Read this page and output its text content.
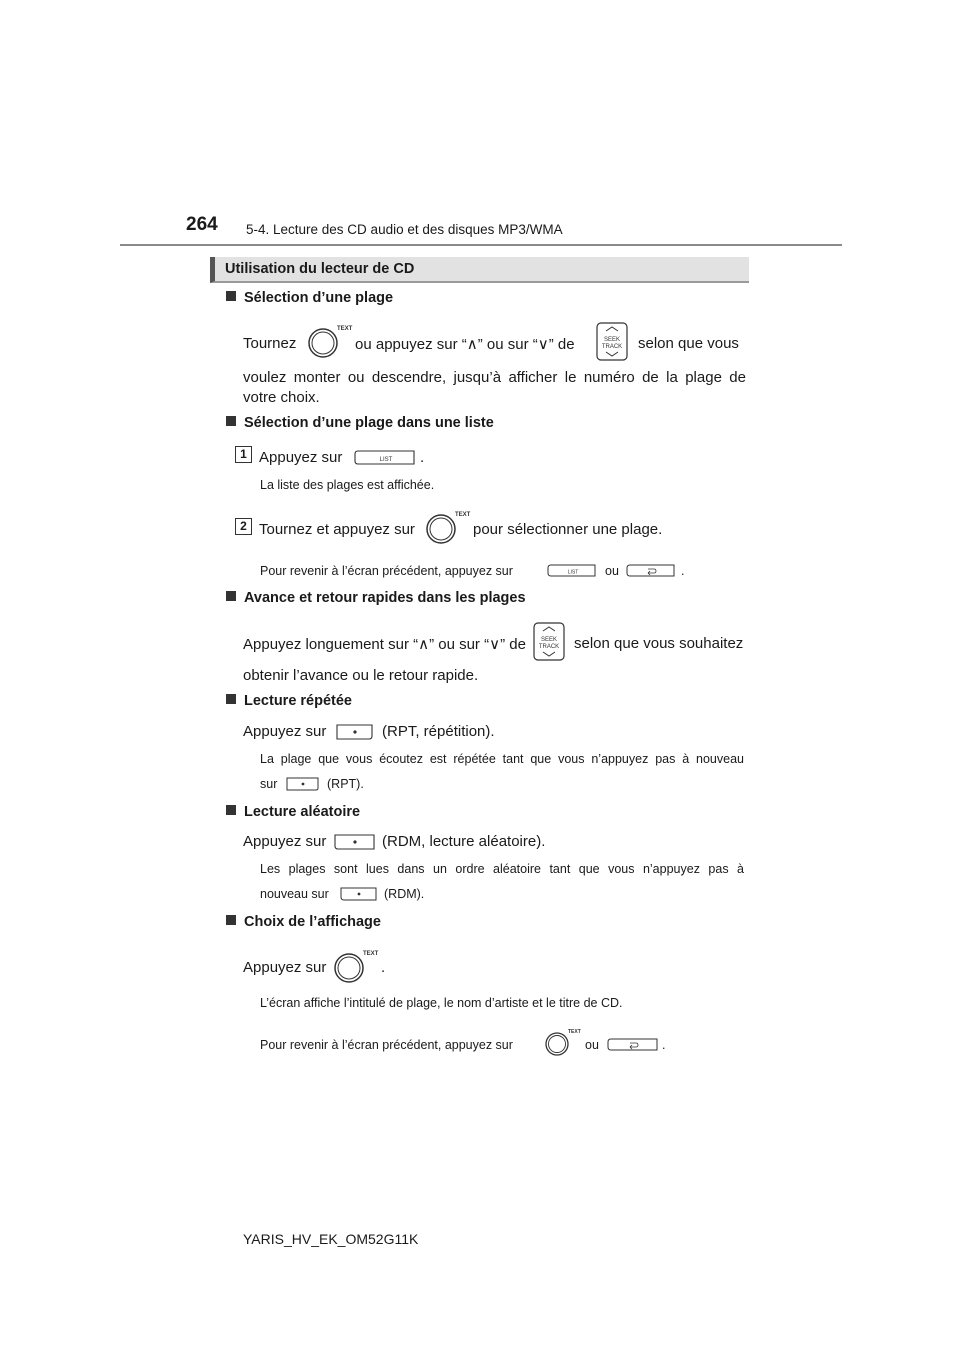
264 5-4. Lecture des CD audio et des disques MP3/WMA
Utilisation du lecteur de CD
Sélection d’une plage
Tournez
TEXT
ou appuyez sur “∧” ou sur “∨” de	SEEK
TRACK selon que vous
voulez monter ou descendre, jusqu’à afficher le numéro de la plage de
votre choix.
Sélection d’une plage dans une liste
1 Appuyez sur	LIST .
La liste des plages est affichée.
2 Tournez et appuyez sur
TEXT
pour sélectionner une plage.
Pour revenir à l’écran précédent, appuyez sur	LIST ou	.
Avance et retour rapides dans les plages
Appuyez longuement sur “∧” ou sur “∨” de	SEEK
TRACK selon que vous souhaitez
obtenir l’avance ou le retour rapide.
Lecture répétée
Appuyez sur	(RPT, répétition).
La plage que vous écoutez est répétée tant que vous n’appuyez pas à nouveau
sur	(RPT).
Lecture aléatoire
Appuyez sur	(RDM, lecture aléatoire).
Les plages sont lues dans un ordre aléatoire tant que vous n’appuyez pas à
nouveau sur	(RDM).
Choix de l’affichage
Appuyez sur
TEXT
.
L’écran affiche l’intitulé de plage, le nom d’artiste et le titre de CD.
Pour revenir à l’écran précédent, appuyez sur
TEXT
ou	.
YARIS_HV_EK_OM52G11K
